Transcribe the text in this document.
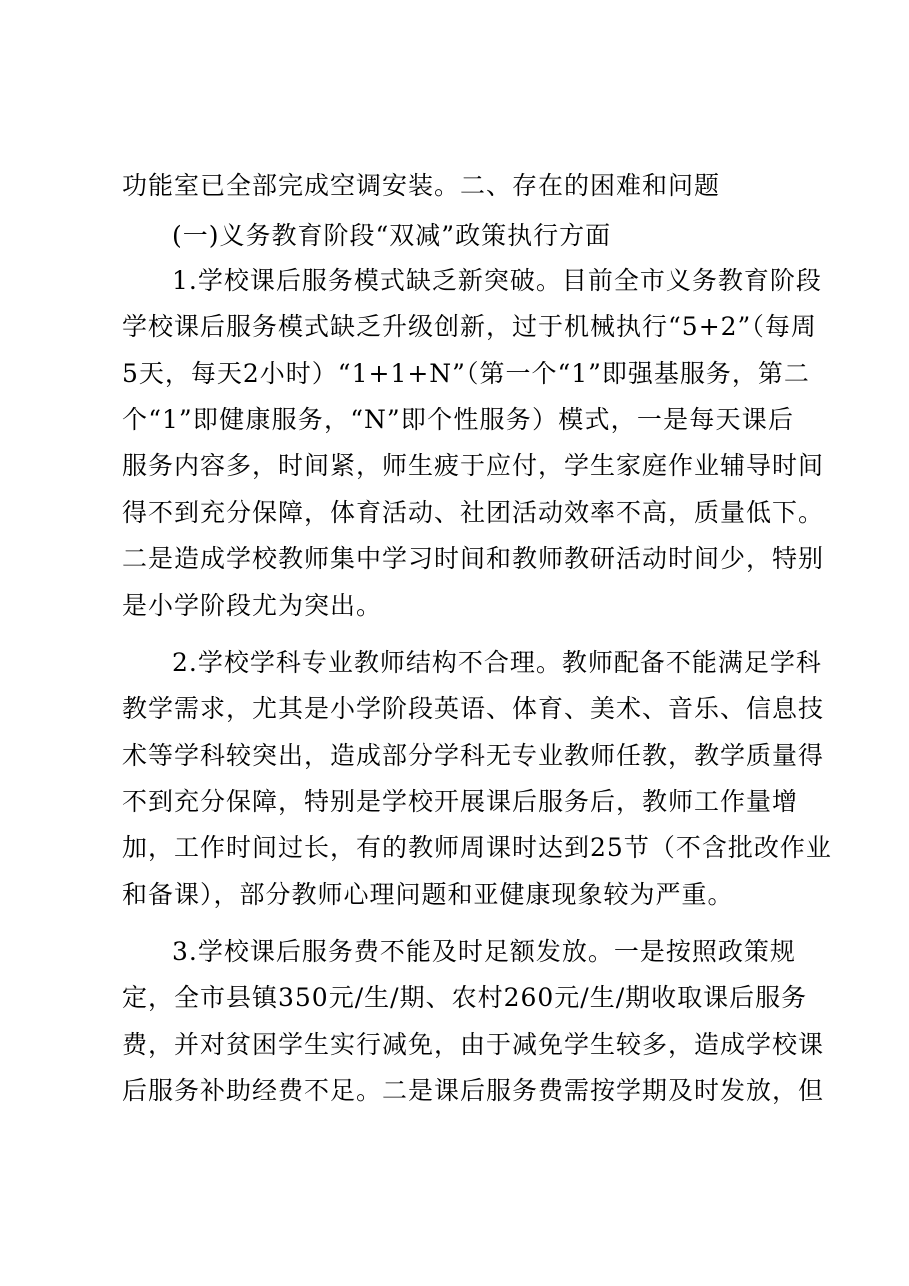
功能室已全部完成空调安装。二、存在的困难和问题
(一)义务教育阶段“双减”政策执行方面
1.学校课后服务模式缺乏新突破。目前全市义务教育阶段
学校课后服务模式缺乏升级创新，过于机械执行“5+2”（每周
5天，每天2小时）“1+1+N”（第一个“1”即强基服务，第二
个“1”即健康服务，“N”即个性服务）模式，一是每天课后
服务内容多，时间紧，师生疲于应付，学生家庭作业辅导时间
得不到充分保障，体育活动、社团活动效率不高，质量低下。
二是造成学校教师集中学习时间和教师教研活动时间少，特别
是小学阶段尤为突出。
2.学校学科专业教师结构不合理。教师配备不能满足学科
教学需求，尤其是小学阶段英语、体育、美术、音乐、信息技
术等学科较突出，造成部分学科无专业教师任教，教学质量得
不到充分保障，特别是学校开展课后服务后，教师工作量增
加，工作时间过长，有的教师周课时达到25节（不含批改作业
和备课），部分教师心理问题和亚健康现象较为严重。
3.学校课后服务费不能及时足额发放。一是按照政策规
定，全市县镇350元/生/期、农村260元/生/期收取课后服务
费，并对贫困学生实行减免，由于减免学生较多，造成学校课
后服务补助经费不足。二是课后服务费需按学期及时发放，但
